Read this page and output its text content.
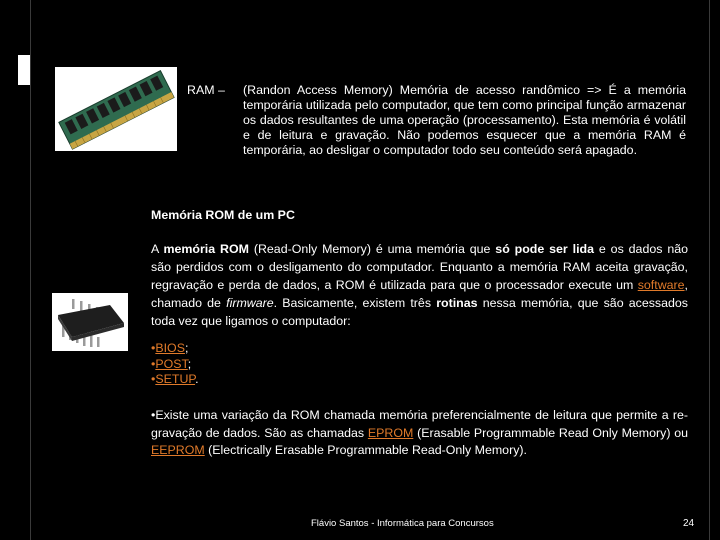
RAM –	(Randon Access Memory) Memória de acesso randômico => É a memória temporária utilizada pelo computador, que tem como principal função armazenar os dados resultantes de uma operação (processamento). Esta memória é volátil e de leitura e gravação. Não podemos esquecer que a memória RAM é temporária, ao desligar o computador todo seu conteúdo será apagado.
Memória ROM de um PC

A memória ROM (Read-Only Memory) é uma memória que só pode ser lida e os dados não são perdidos com o desligamento do computador. Enquanto a memória RAM aceita gravação, regravação e perda de dados, a ROM é utilizada para que o processador execute um software, chamado de firmware. Basicamente, existem três rotinas nessa memória, que são acessados toda vez que ligamos o computador:

•BIOS;
•POST;
•SETUP.

•Existe uma variação da ROM chamada memória preferencialmente de leitura que permite a re-gravação de dados. São as chamadas EPROM (Erasable Programmable Read Only Memory) ou EEPROM (Electrically Erasable Programmable Read-Only Memory).

Flávio Santos - Informática para Concursos	24
